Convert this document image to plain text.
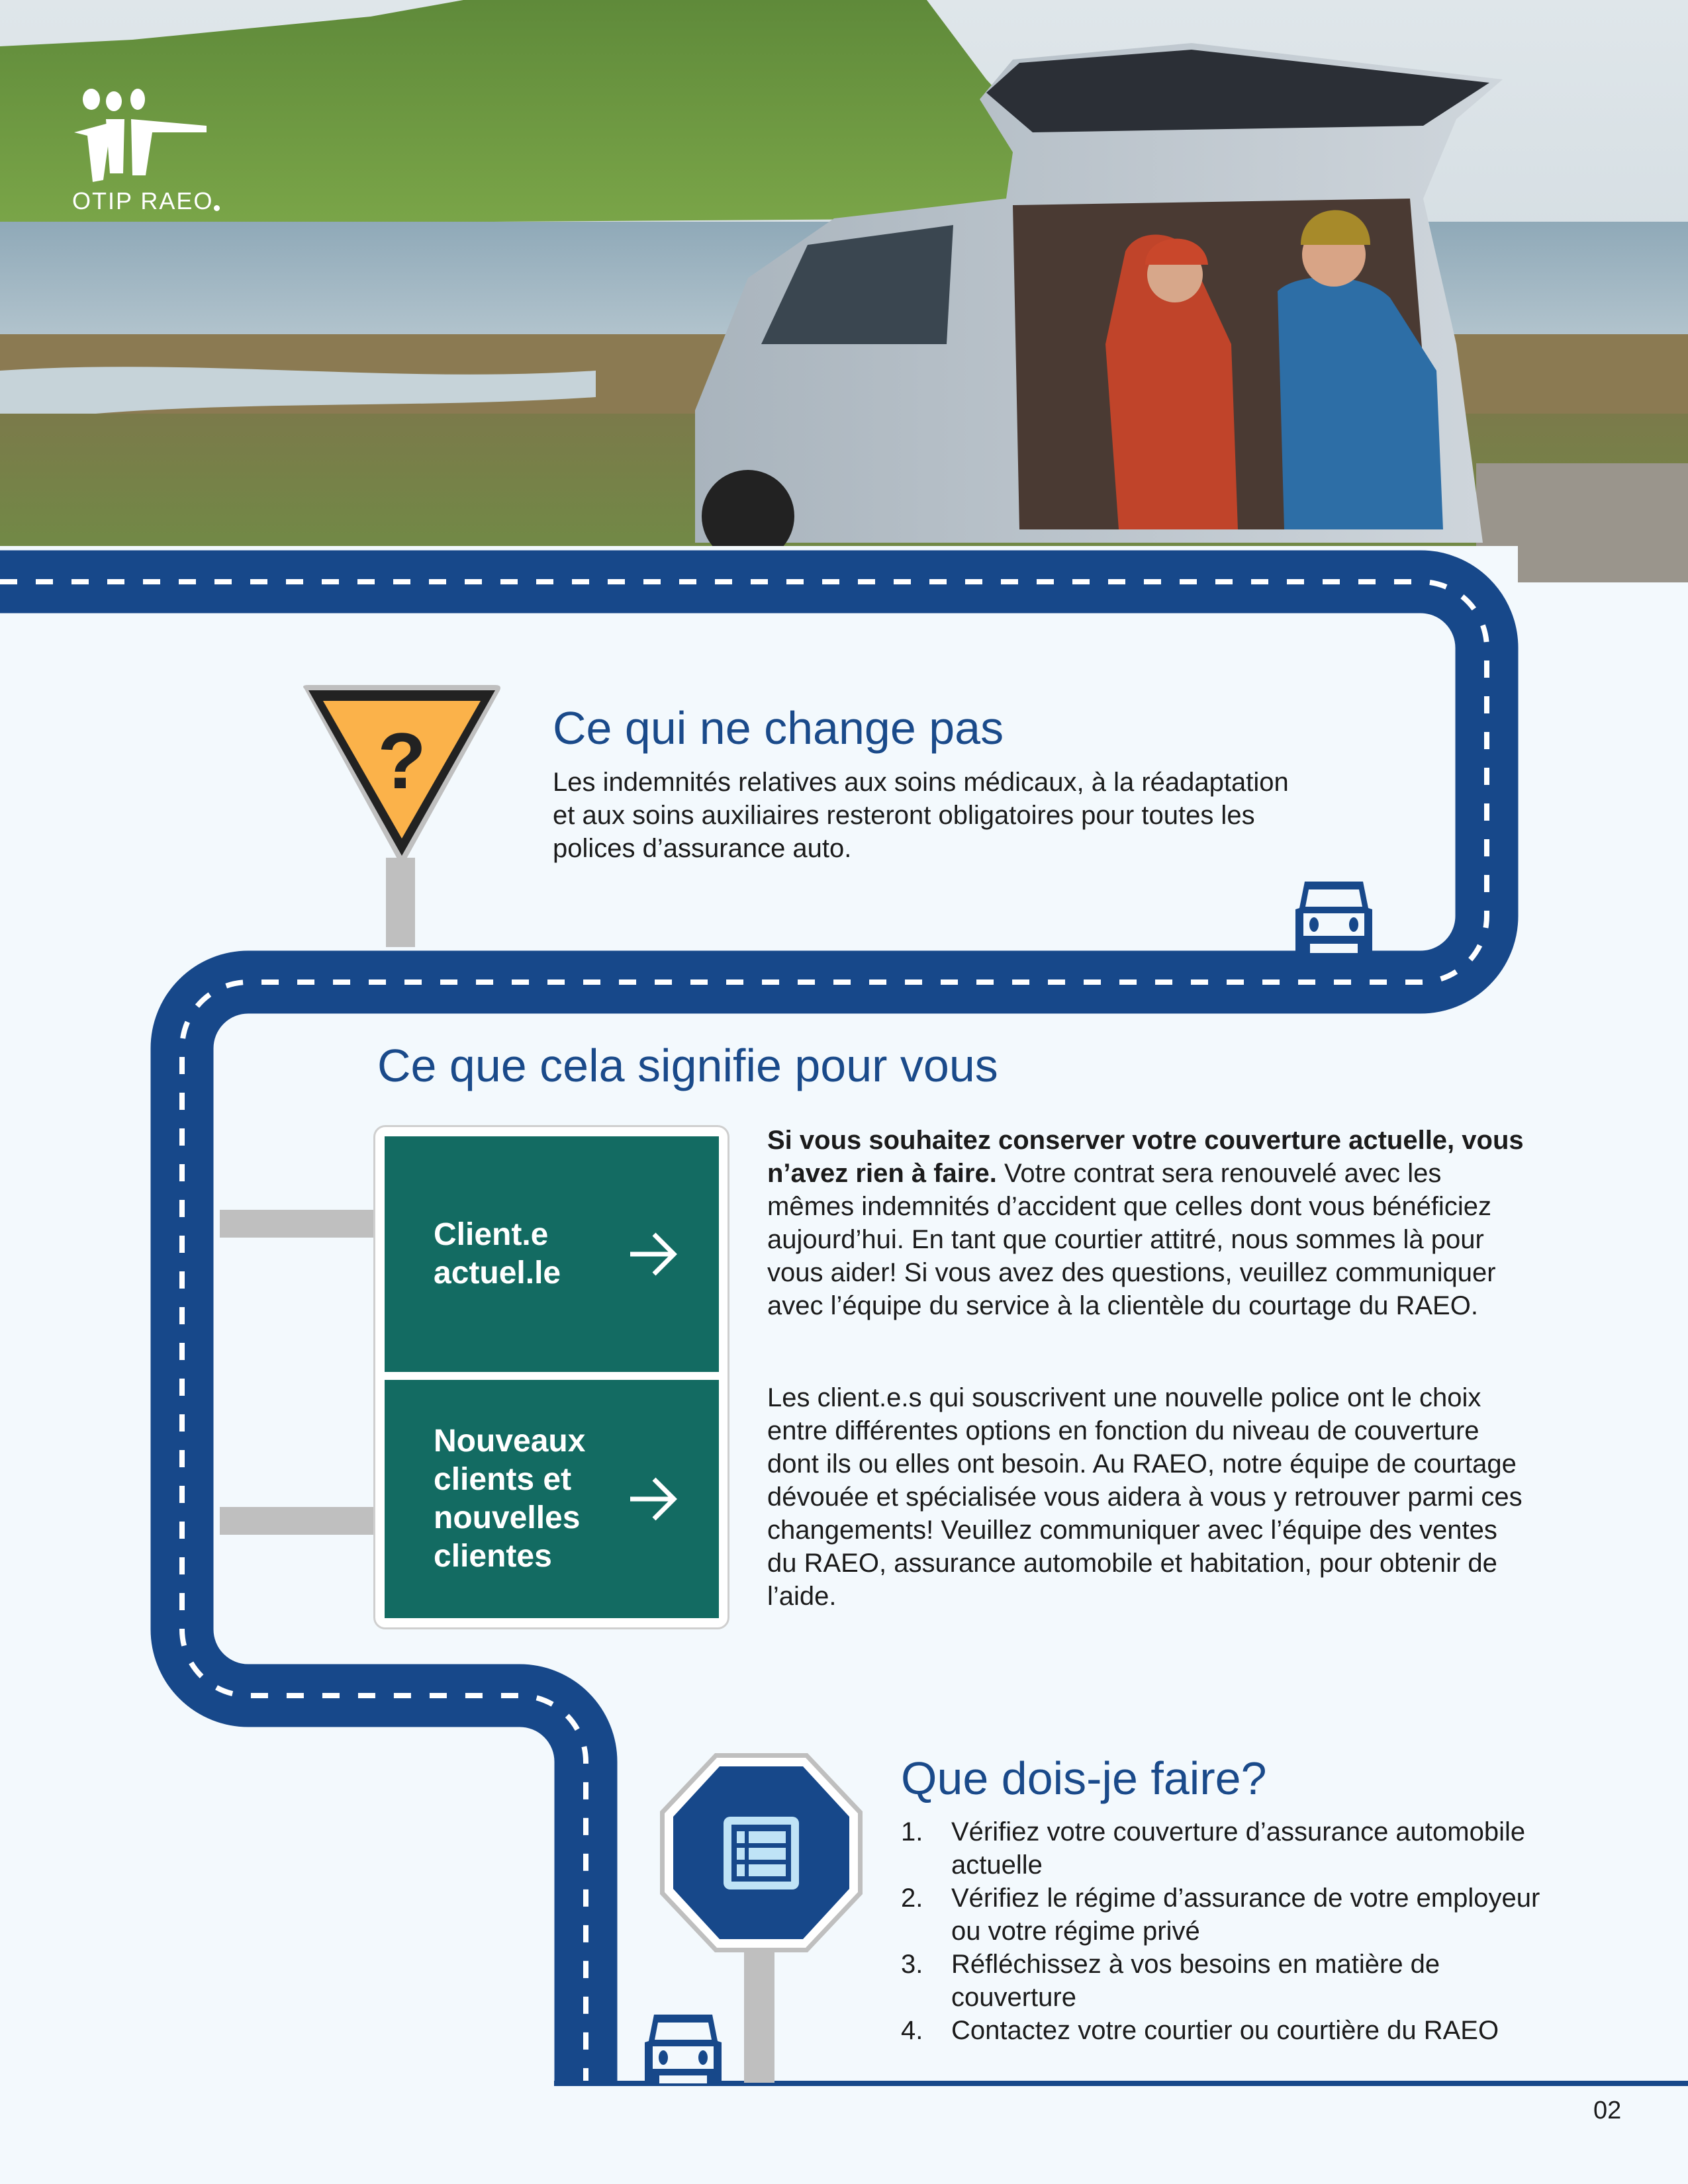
OTIP RAEO
?	Ce qui ne change pas

Les indemnités relatives aux soins médicaux, à la réadaptation et aux soins auxiliaires resteront obligatoires pour toutes les polices d’assurance auto.

Ce que cela signifie pour vous
Client.e actuel.le
Nouveaux clients et nouvelles clientes

Si vous souhaitez conserver votre couverture actuelle, vous n’avez rien à faire. Votre contrat sera renouvelé avec les mêmes indemnités d’accident que celles dont vous bénéficiez aujourd’hui. En tant que courtier attitré, nous sommes là pour vous aider! Si vous avez des questions, veuillez communiquer avec l’équipe du service à la clientèle du courtage du RAEO.

Les client.e.s qui souscrivent une nouvelle police ont le choix entre différentes options en fonction du niveau de couverture dont ils ou elles ont besoin. Au RAEO, notre équipe de courtage dévouée et spécialisée vous aidera à vous y retrouver parmi ces changements! Veuillez communiquer avec l’équipe des ventes du RAEO, assurance automobile et habitation, pour obtenir de l’aide.

Que dois-je faire?
1. Vérifiez votre couverture d’assurance automobile actuelle
2. Vérifiez le régime d’assurance de votre employeur ou votre régime privé
3. Réfléchissez à vos besoins en matière de couverture
4. Contactez votre courtier ou courtière du RAEO
02
